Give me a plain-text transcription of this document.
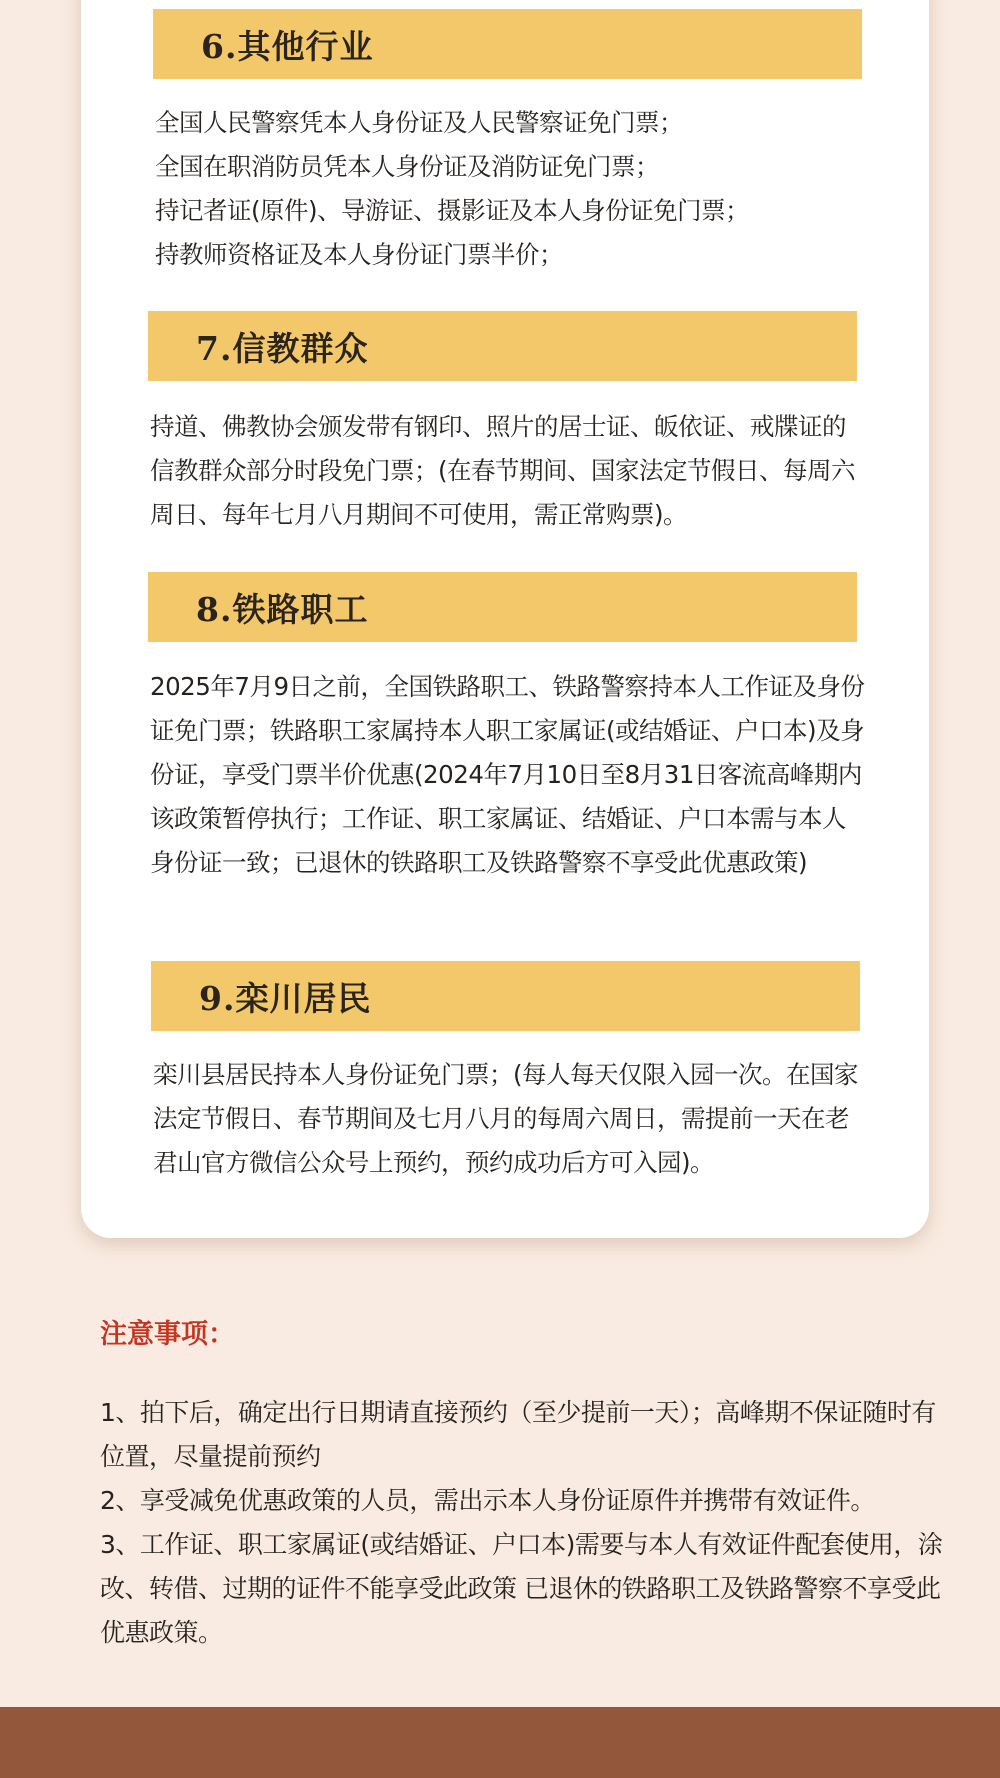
6.其他行业
全国人民警察凭本人身份证及人民警察证免门票；
全国在职消防员凭本人身份证及消防证免门票；
持记者证(原件)、导游证、摄影证及本人身份证免门票；
持教师资格证及本人身份证门票半价；
7.信教群众

持道、佛教协会颁发带有钢印、照片的居士证、皈依证、戒牒证的信教群众部分时段免门票；(在春节期间、国家法定节假日、每周六周日、每年七月八月期间不可使用，需正常购票)。

8.铁路职工

2025年7月9日之前，全国铁路职工、铁路警察持本人工作证及身份证免门票；铁路职工家属持本人职工家属证(或结婚证、户口本)及身份证，享受门票半价优惠(2024年7月10日至8月31日客流高峰期内该政策暂停执行；工作证、职工家属证、结婚证、户口本需与本人身份证一致；已退休的铁路职工及铁路警察不享受此优惠政策)

9.栾川居民

栾川县居民持本人身份证免门票；(每人每天仅限入园一次。在国家法定节假日、春节期间及七月八月的每周六周日，需提前一天在老君山官方微信公众号上预约，预约成功后方可入园)。

注意事项：
1、拍下后，确定出行日期请直接预约（至少提前一天）；高峰期不保证随时有位置，尽量提前预约
2、享受减免优惠政策的人员，需出示本人身份证原件并携带有效证件。
3、工作证、职工家属证(或结婚证、户口本)需要与本人有效证件配套使用，涂改、转借、过期的证件不能享受此政策 已退休的铁路职工及铁路警察不享受此优惠政策。
